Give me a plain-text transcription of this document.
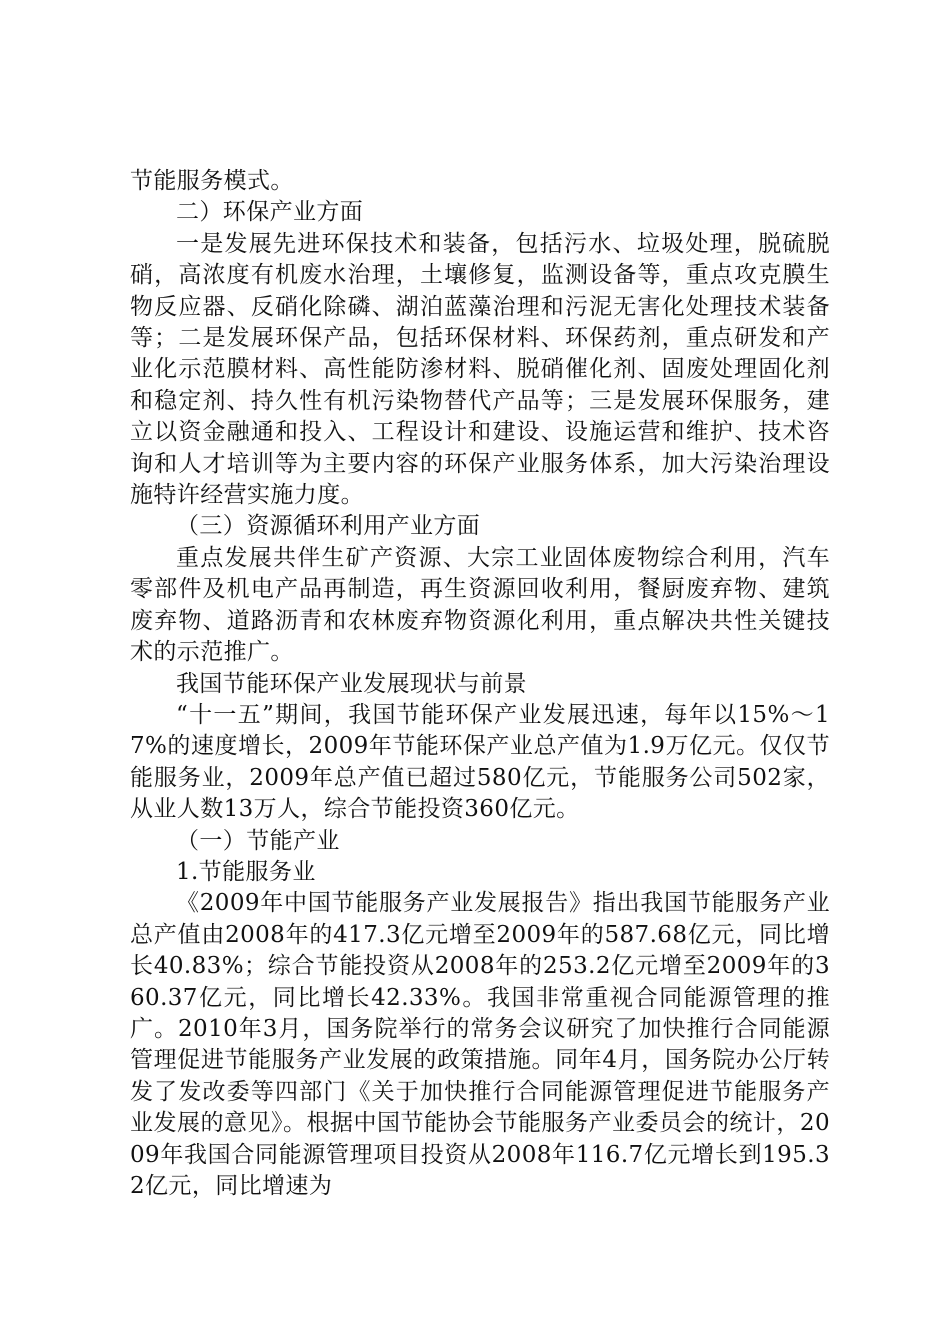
节能服务模式。

二）环保产业方面

一是发展先进环保技术和装备，包括污水、垃圾处理，脱硫脱硝，高浓度有机废水治理，土壤修复，监测设备等，重点攻克膜生物反应器、反硝化除磷、湖泊蓝藻治理和污泥无害化处理技术装备等；二是发展环保产品，包括环保材料、环保药剂，重点研发和产业化示范膜材料、高性能防渗材料、脱硝催化剂、固废处理固化剂和稳定剂、持久性有机污染物替代产品等；三是发展环保服务，建立以资金融通和投入、工程设计和建设、设施运营和维护、技术咨询和人才培训等为主要内容的环保产业服务体系，加大污染治理设施特许经营实施力度。

（三）资源循环利用产业方面

重点发展共伴生矿产资源、大宗工业固体废物综合利用，汽车零部件及机电产品再制造，再生资源回收利用，餐厨废弃物、建筑废弃物、道路沥青和农林废弃物资源化利用，重点解决共性关键技术的示范推广。

我国节能环保产业发展现状与前景

“十一五”期间，我国节能环保产业发展迅速，每年以15%～17%的速度增长，2009年节能环保产业总产值为1.9万亿元。仅仅节能服务业，2009年总产值已超过580亿元，节能服务公司502家，从业人数13万人，综合节能投资360亿元。

（一）节能产业

1.节能服务业

《2009年中国节能服务产业发展报告》指出我国节能服务产业总产值由2008年的417.3亿元增至2009年的587.68亿元，同比增长40.83%；综合节能投资从2008年的253.2亿元增至2009年的360.37亿元，同比增长42.33%。我国非常重视合同能源管理的推广。2010年3月，国务院举行的常务会议研究了加快推行合同能源管理促进节能服务产业发展的政策措施。同年4月，国务院办公厅转发了发改委等四部门《关于加快推行合同能源管理促进节能服务产业发展的意见》。根据中国节能协会节能服务产业委员会的统计，2009年我国合同能源管理项目投资从2008年116.7亿元增长到195.32亿元，同比增速为
